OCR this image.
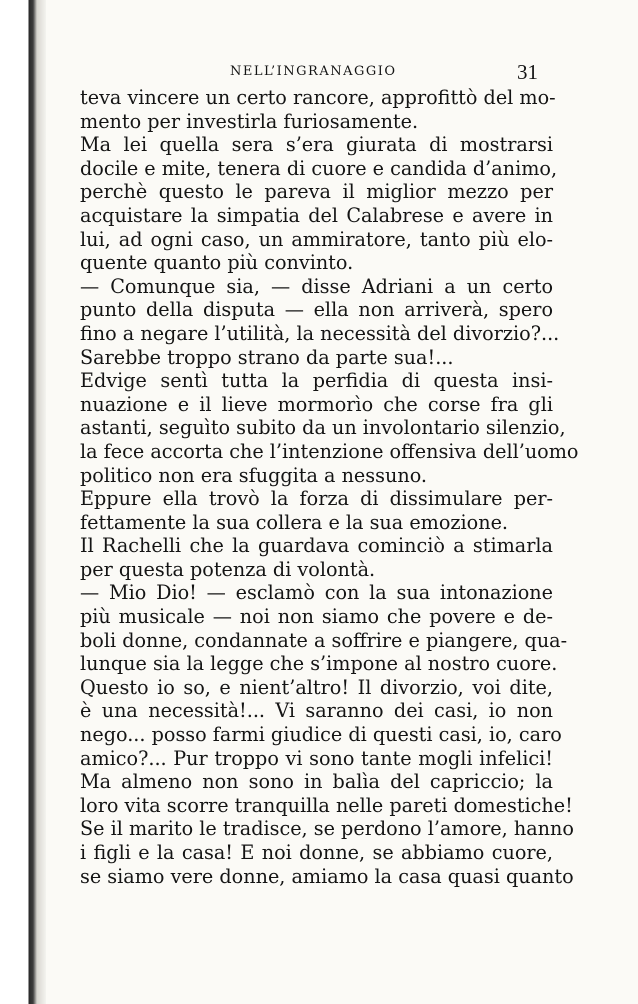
NELL’INGRANAGGIO	31
teva vincere un certo rancore, approfittò del mo-
mento per investirla furiosamente.
Ma lei quella sera s’era giurata di mostrarsi
docile e mite, tenera di cuore e candida d’animo,
perchè questo le pareva il miglior mezzo per
acquistare la simpatia del Calabrese e avere in
lui, ad ogni caso, un ammiratore, tanto più elo-
quente quanto più convinto.
— Comunque sia, — disse Adriani a un certo
punto della disputa — ella non arriverà, spero
fino a negare l’utilità, la necessità del divorzio?...
Sarebbe troppo strano da parte sua!...
Edvige sentì tutta la perfidia di questa insi-
nuazione e il lieve mormorìo che corse fra gli
astanti, seguìto subito da un involontario silenzio,
la fece accorta che l’intenzione offensiva dell’uomo
politico non era sfuggita a nessuno.
Eppure ella trovò la forza di dissimulare per-
fettamente la sua collera e la sua emozione.
Il Rachelli che la guardava cominciò a stimarla
per questa potenza di volontà.
— Mio Dio! — esclamò con la sua intonazione
più musicale — noi non siamo che povere e de-
boli donne, condannate a soffrire e piangere, qua-
lunque sia la legge che s’impone al nostro cuore.
Questo io so, e nient’altro! Il divorzio, voi dite,
è una necessità!... Vi saranno dei casi, io non
nego... posso farmi giudice di questi casi, io, caro
amico?... Pur troppo vi sono tante mogli infelici!
Ma almeno non sono in balìa del capriccio; la
loro vita scorre tranquilla nelle pareti domestiche!
Se il marito le tradisce, se perdono l’amore, hanno
i figli e la casa! E noi donne, se abbiamo cuore,
se siamo vere donne, amiamo la casa quasi quanto
